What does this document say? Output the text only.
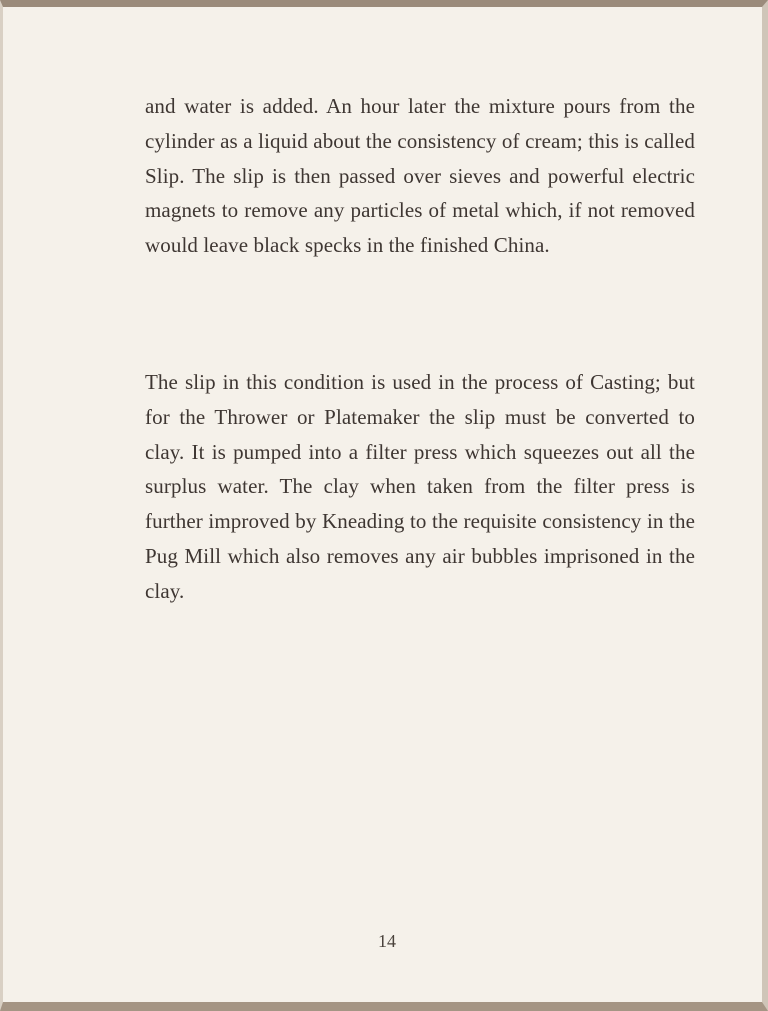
and water is added. An hour later the mixture pours from the cylinder as a liquid about the consistency of cream; this is called Slip. The slip is then passed over sieves and powerful electric magnets to remove any particles of metal which, if not removed would leave black specks in the finished China.

The slip in this condition is used in the process of Casting; but for the Thrower or Platemaker the slip must be converted to clay. It is pumped into a filter press which squeezes out all the surplus water. The clay when taken from the filter press is further improved by Kneading to the requisite consistency in the Pug Mill which also removes any air bubbles imprisoned in the clay.

14
